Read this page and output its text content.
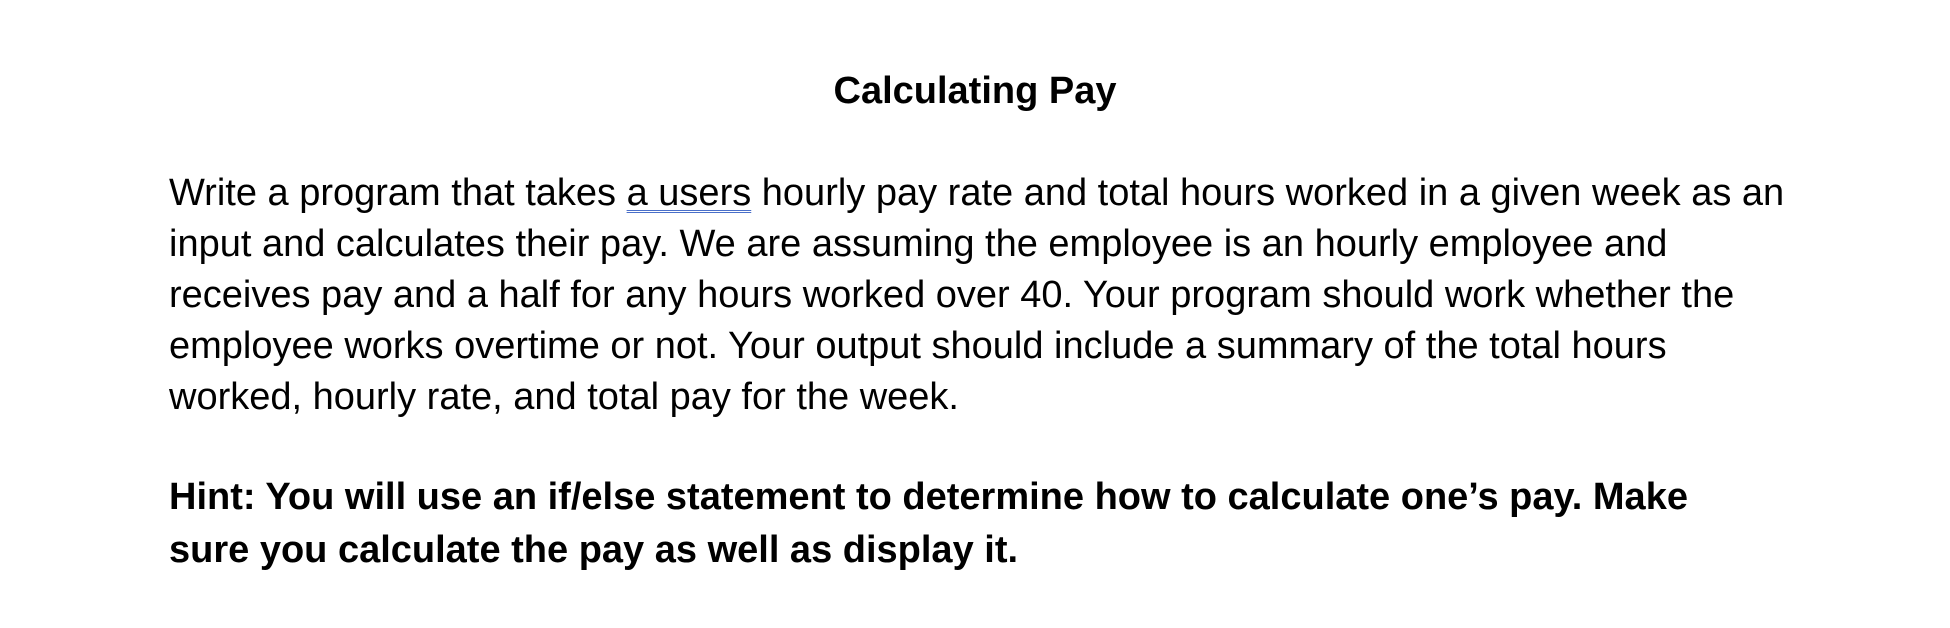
Calculating Pay

Write a program that takes a users hourly pay rate and total hours worked in a given week as an
input and calculates their pay. We are assuming the employee is an hourly employee and
receives pay and a half for any hours worked over 40. Your program should work whether the
employee works overtime or not. Your output should include a summary of the total hours
worked, hourly rate, and total pay for the week.

Hint: You will use an if/else statement to determine how to calculate one’s pay. Make
sure you calculate the pay as well as display it.
